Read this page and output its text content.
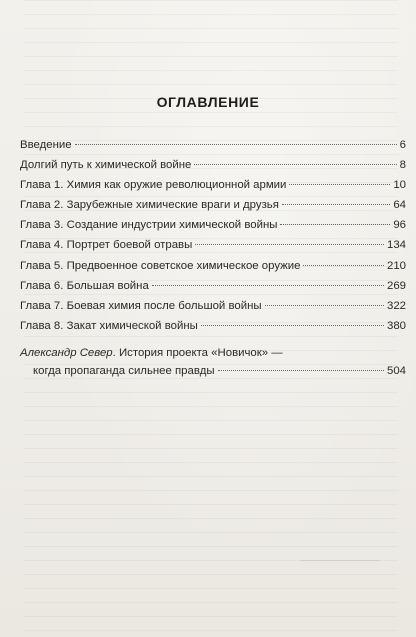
ОГЛАВЛЕНИЕ
Введение	6
Долгий путь к химической войне	8
Глава 1. Химия как оружие революционной армии	10
Глава 2. Зарубежные химические враги и друзья	64
Глава 3. Создание индустрии химической войны	96
Глава 4. Портрет боевой отравы	134
Глава 5. Предвоенное советское химическое оружие	210
Глава 6. Большая война	269
Глава 7. Боевая химия после большой войны	322
Глава 8. Закат химической войны	380
Александр Север. История проекта «Новичок» —
когда пропаганда сильнее правды	504
